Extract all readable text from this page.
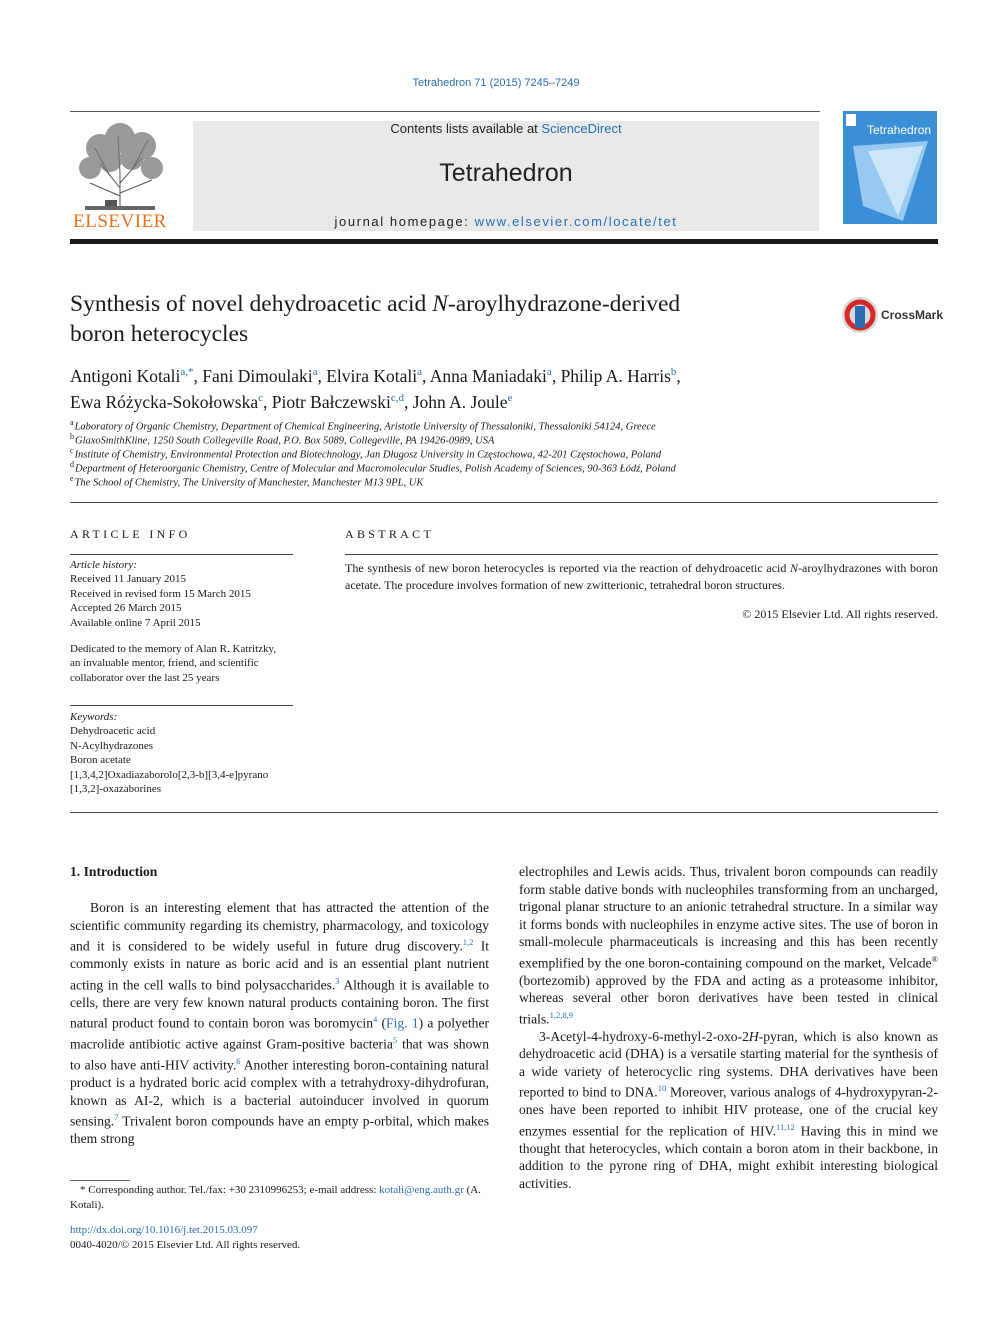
Tetrahedron 71 (2015) 7245–7249
ELSEVIER
Contents lists available at ScienceDirect
Tetrahedron
journal homepage: www.elsevier.com/locate/tet
Tetrahedron
Synthesis of novel dehydroacetic acid N-aroylhydrazone-derived
boron heterocycles
CrossMark
Antigoni Kotali$^{a,*}$, Fani Dimoulaki$^a$, Elvira Kotali$^a$, Anna Maniadaki$^a$, Philip A. Harris$^b$,
Ewa Różycka-Sokołowska$^c$, Piotr Bałczewski$^{c,d}$, John A. Joule$^e$
$^a$Laboratory of Organic Chemistry, Department of Chemical Engineering, Aristotle University of Thessaloniki, Thessaloniki 54124, Greece
$^b$GlaxoSmithKline, 1250 South Collegeville Road, P.O. Box 5089, Collegeville, PA 19426-0989, USA
$^c$Institute of Chemistry, Environmental Protection and Biotechnology, Jan Długosz University in Częstochowa, 42-201 Częstochowa, Poland
$^d$Department of Heteroorganic Chemistry, Centre of Molecular and Macromolecular Studies, Polish Academy of Sciences, 90-363 Łódź, Poland
$^e$The School of Chemistry, The University of Manchester, Manchester M13 9PL, UK
ARTICLE INFO
Article history:
Received 11 January 2015
Received in revised form 15 March 2015
Accepted 26 March 2015
Available online 7 April 2015
Dedicated to the memory of Alan R. Katritzky,
an invaluable mentor, friend, and scientific
collaborator over the last 25 years
Keywords:
Dehydroacetic acid
N-Acylhydrazones
Boron acetate
[1,3,4,2]Oxadiazaborolo[2,3-b][3,4-e]pyrano
[1,3,2]-oxazaborines
ABSTRACT
The synthesis of new boron heterocycles is reported via the reaction of dehydroacetic acid N-aroylhydrazones with boron acetate. The procedure involves formation of new zwitterionic, tetrahedral boron structures.
© 2015 Elsevier Ltd. All rights reserved.
1. Introduction

Boron is an interesting element that has attracted the attention of the scientific community regarding its chemistry, pharmacology, and toxicology and it is considered to be widely useful in future drug discovery.$^{1,2}$ It commonly exists in nature as boric acid and is an essential plant nutrient acting in the cell walls to bind polysaccharides.$^3$ Although it is available to cells, there are very few known natural products containing boron. The first natural product found to contain boron was boromycin$^4$ (Fig. 1) a polyether macrolide antibiotic active against Gram-positive bacteria$^5$ that was shown to also have anti-HIV activity.$^6$ Another interesting boron-containing natural product is a hydrated boric acid complex with a tetrahydroxy-dihydrofuran, known as AI-2, which is a bacterial autoinducer involved in quorum sensing.$^7$ Trivalent boron compounds have an empty p-orbital, which makes them strong

electrophiles and Lewis acids. Thus, trivalent boron compounds can readily form stable dative bonds with nucleophiles transforming from an uncharged, trigonal planar structure to an anionic tetrahedral structure. In a similar way it forms bonds with nucleophiles in enzyme active sites. The use of boron in small-molecule pharmaceuticals is increasing and this has been recently exemplified by the one boron-containing compound on the market, Velcade® (bortezomib) approved by the FDA and acting as a proteasome inhibitor, whereas several other boron derivatives have been tested in clinical trials.$^{1,2,8,9}$

3-Acetyl-4-hydroxy-6-methyl-2-oxo-2H-pyran, which is also known as dehydroacetic acid (DHA) is a versatile starting material for the synthesis of a wide variety of heterocyclic ring systems. DHA derivatives have been reported to bind to DNA.$^{10}$ Moreover, various analogs of 4-hydroxypyran-2-ones have been reported to inhibit HIV protease, one of the crucial key enzymes essential for the replication of HIV.$^{11,12}$ Having this in mind we thought that heterocycles, which contain a boron atom in their backbone, in addition to the pyrone ring of DHA, might exhibit interesting biological activities.

* Corresponding author. Tel./fax: +30 2310996253; e-mail address: kotali@eng.auth.gr (A. Kotali).
http://dx.doi.org/10.1016/j.tet.2015.03.097
0040-4020/© 2015 Elsevier Ltd. All rights reserved.
